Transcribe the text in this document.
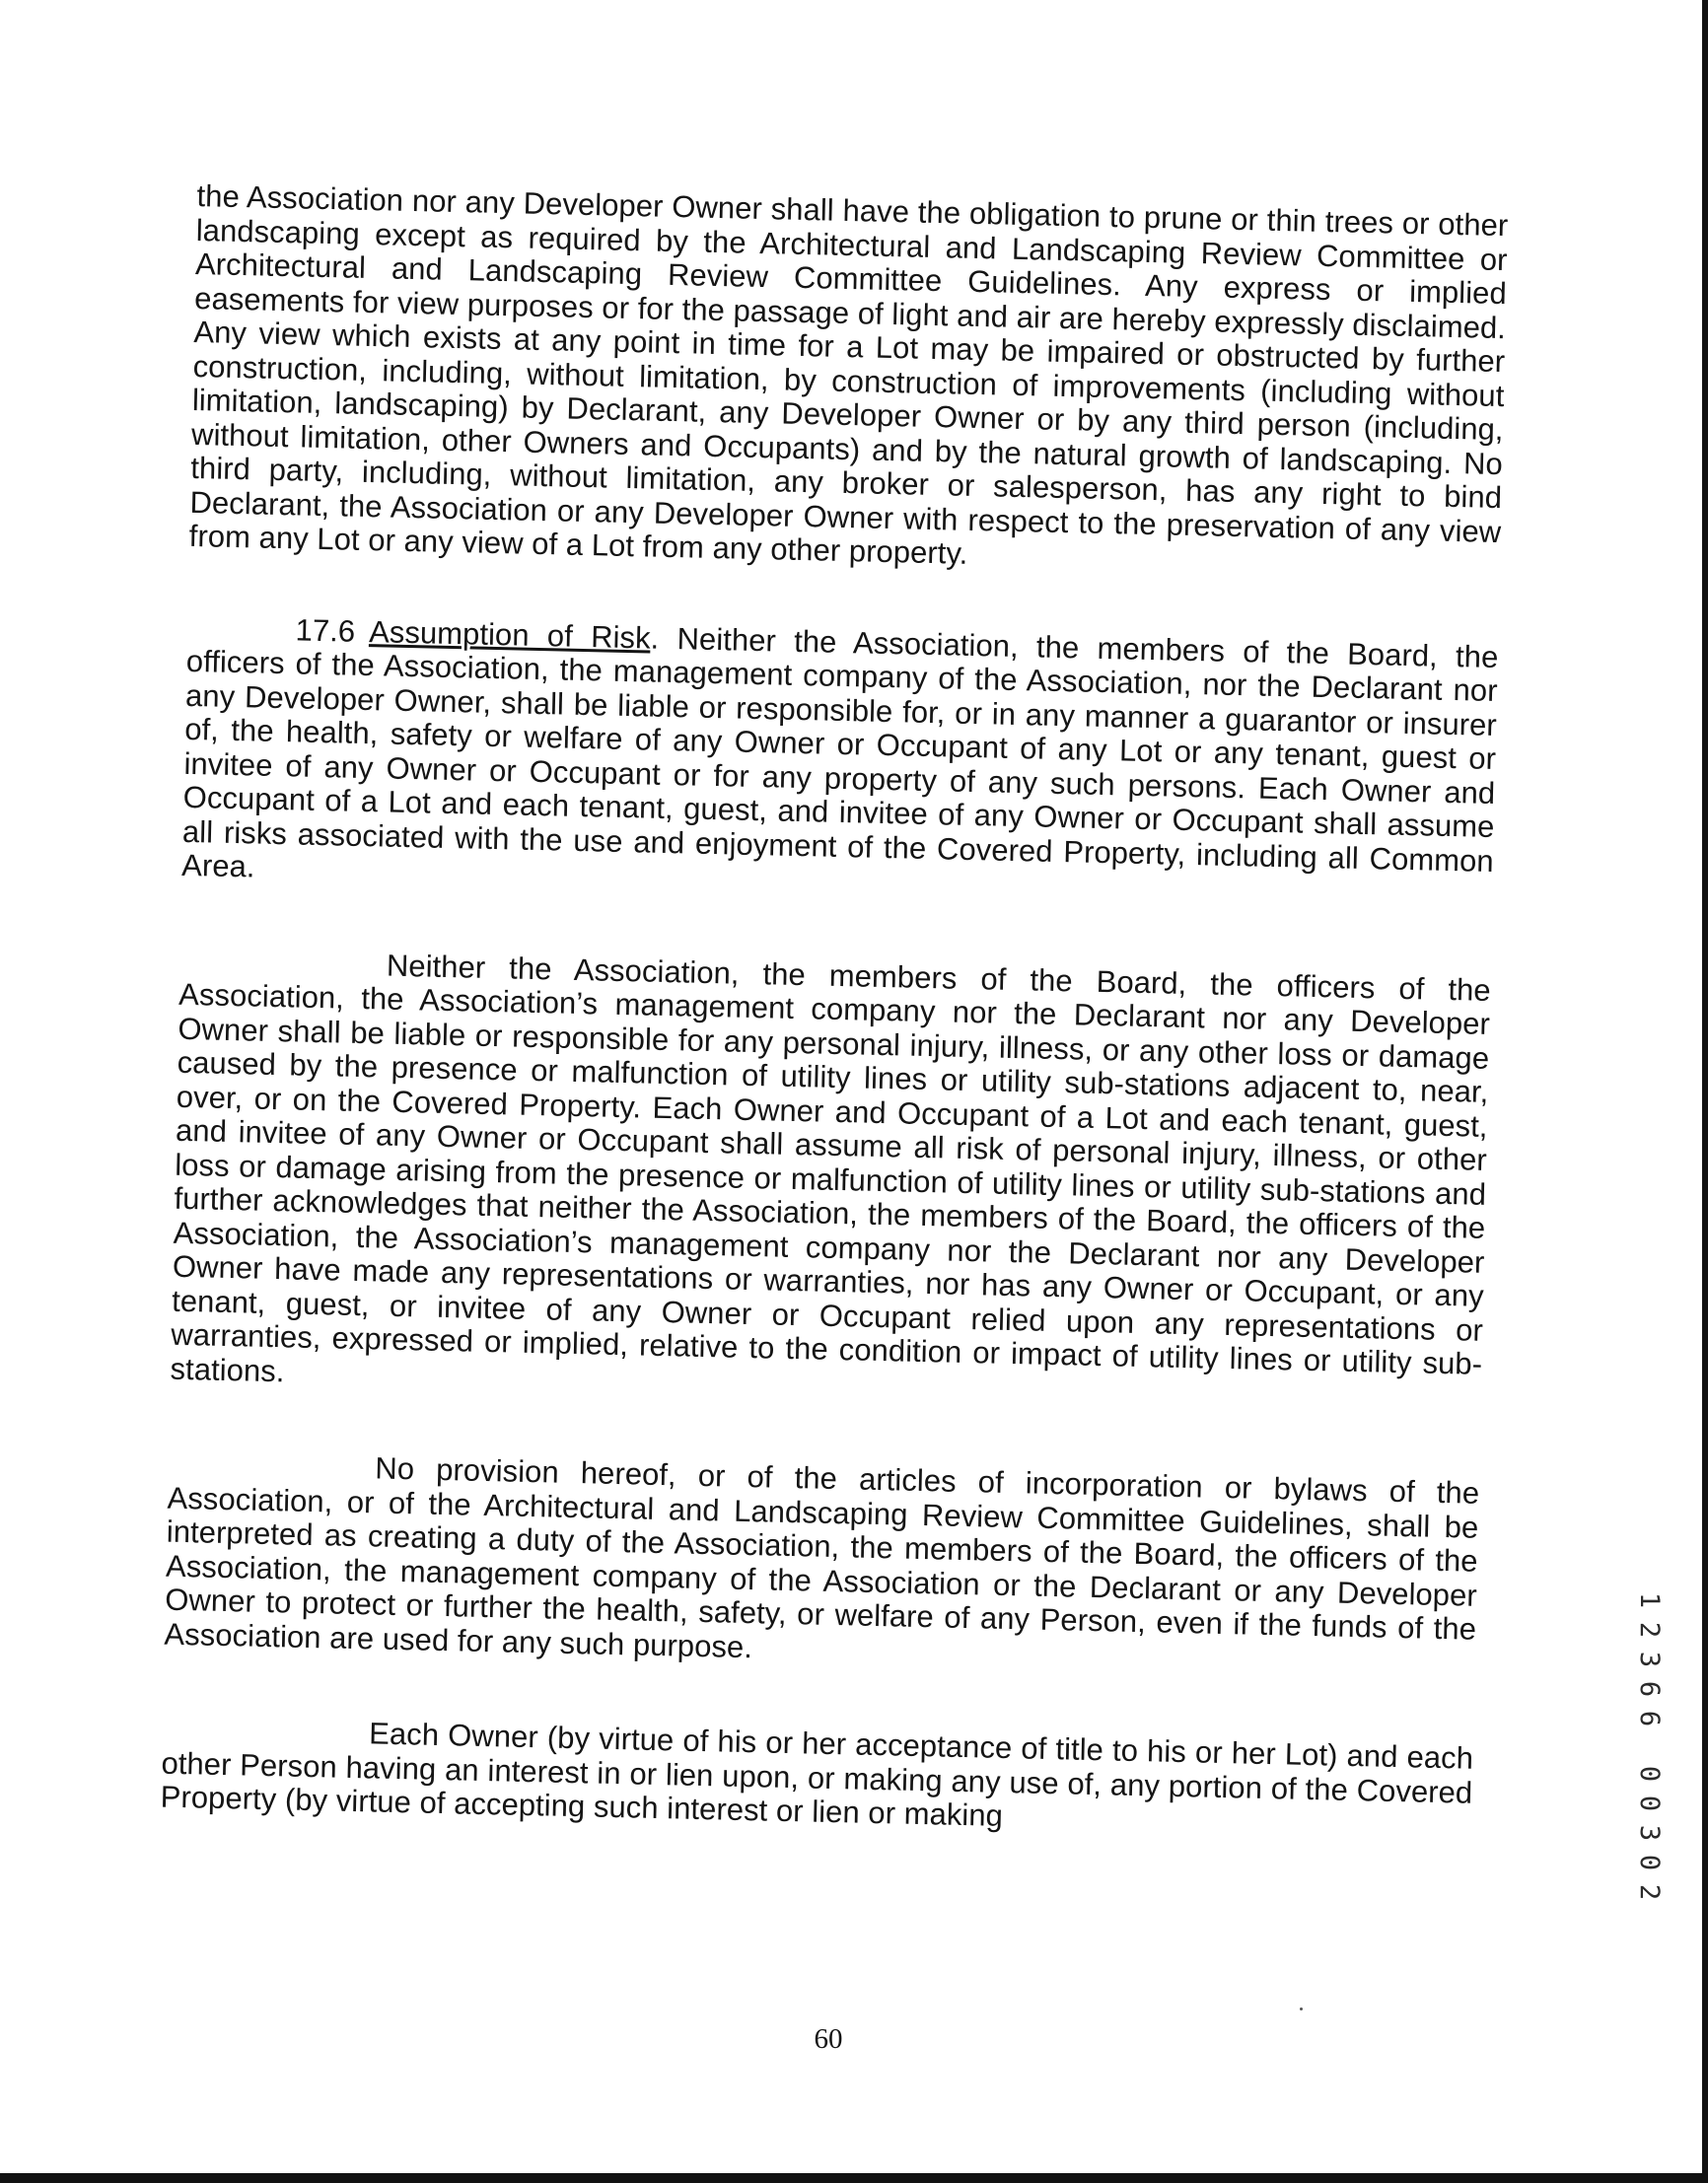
the Association nor any Developer Owner shall have the obligation to prune or thin trees or other landscaping except as required by the Architectural and Landscaping Review Committee or Architectural and Landscaping Review Committee Guidelines. Any express or implied easements for view purposes or for the passage of light and air are hereby expressly disclaimed. Any view which exists at any point in time for a Lot may be impaired or obstructed by further construction, including, without limitation, by construction of improvements (including without limitation, landscaping) by Declarant, any Developer Owner or by any third person (including, without limitation, other Owners and Occupants) and by the natural growth of landscaping. No third party, including, without limitation, any broker or salesperson, has any right to bind Declarant, the Association or any Developer Owner with respect to the preservation of any view from any Lot or any view of a Lot from any other property.

17.6 Assumption of Risk. Neither the Association, the members of the Board, the officers of the Association, the management company of the Association, nor the Declarant nor any Developer Owner, shall be liable or responsible for, or in any manner a guarantor or insurer of, the health, safety or welfare of any Owner or Occupant of any Lot or any tenant, guest or invitee of any Owner or Occupant or for any property of any such persons. Each Owner and Occupant of a Lot and each tenant, guest, and invitee of any Owner or Occupant shall assume all risks associated with the use and enjoyment of the Covered Property, including all Common Area.

Neither the Association, the members of the Board, the officers of the Association, the Association’s management company nor the Declarant nor any Developer Owner shall be liable or responsible for any personal injury, illness, or any other loss or damage caused by the presence or malfunction of utility lines or utility sub-stations adjacent to, near, over, or on the Covered Property. Each Owner and Occupant of a Lot and each tenant, guest, and invitee of any Owner or Occupant shall assume all risk of personal injury, illness, or other loss or damage arising from the presence or malfunction of utility lines or utility sub-stations and further acknowledges that neither the Association, the members of the Board, the officers of the Association, the Association’s management company nor the Declarant nor any Developer Owner have made any representations or warranties, nor has any Owner or Occupant, or any tenant, guest, or invitee of any Owner or Occupant relied upon any representations or warranties, expressed or implied, relative to the condition or impact of utility lines or utility sub-stations.

No provision hereof, or of the articles of incorporation or bylaws of the Association, or of the Architectural and Landscaping Review Committee Guidelines, shall be interpreted as creating a duty of the Association, the members of the Board, the officers of the Association, the management company of the Association or the Declarant or any Developer Owner to protect or further the health, safety, or welfare of any Person, even if the funds of the Association are used for any such purpose.

Each Owner (by virtue of his or her acceptance of title to his or her Lot) and each other Person having an interest in or lien upon, or making any use of, any portion of the Covered Property (by virtue of accepting such interest or lien or making

1
2
3
6
6
0
0
3
0
2
60
